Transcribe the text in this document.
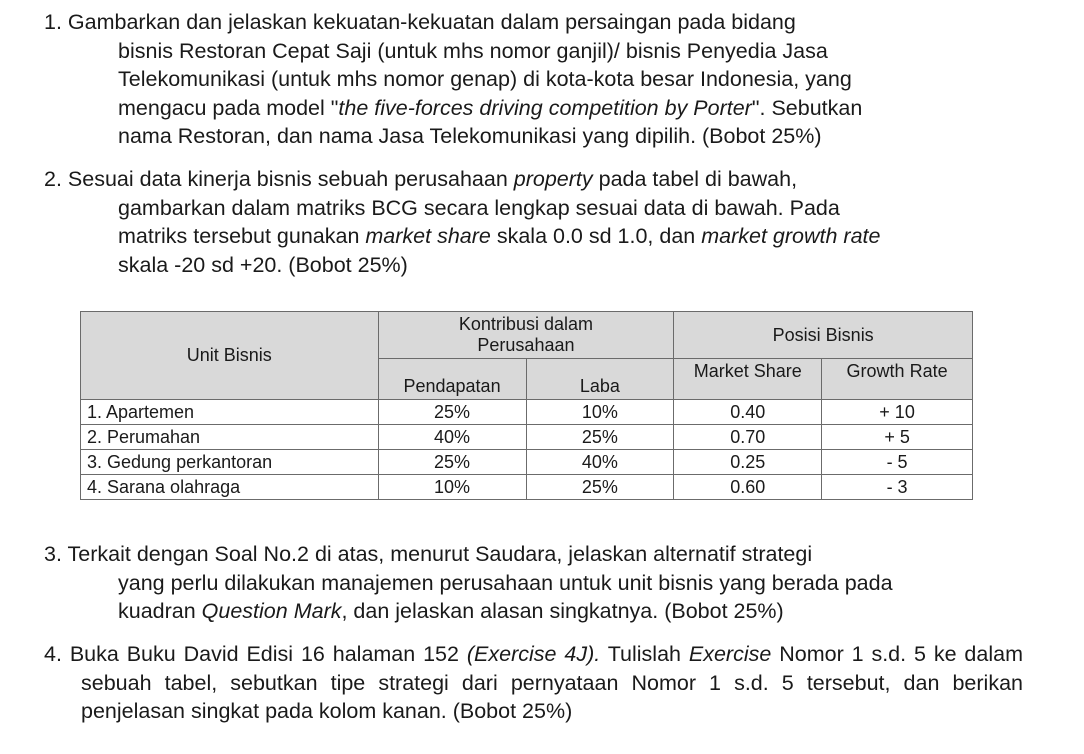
1. Gambarkan dan jelaskan kekuatan-kekuatan dalam persaingan pada bidang

bisnis Restoran Cepat Saji (untuk mhs nomor ganjil)/ bisnis Penyedia Jasa

Telekomunikasi (untuk mhs nomor genap) di kota-kota besar Indonesia, yang

mengacu pada model "the five-forces driving competition by Porter". Sebutkan

nama Restoran, dan nama Jasa Telekomunikasi yang dipilih. (Bobot 25%)

2. Sesuai data kinerja bisnis sebuah perusahaan property pada tabel di bawah,

gambarkan dalam matriks BCG secara lengkap sesuai data di bawah. Pada

matriks tersebut gunakan market share skala 0.0 sd 1.0, dan market growth rate

skala -20 sd +20. (Bobot 25%)

Unit Bisnis	Kontribusi dalam Perusahaan		Posisi Bisnis	
	Pendapatan	Laba	Market Share	Growth Rate
1. Apartemen	25%	10%	0.40	+ 10
2. Perumahan	40%	25%	0.70	+ 5
3. Gedung perkantoran	25%	40%	0.25	- 5
4. Sarana olahraga	10%	25%	0.60	- 3

3. Terkait dengan Soal No.2 di atas, menurut Saudara, jelaskan alternatif strategi

yang perlu dilakukan manajemen perusahaan untuk unit bisnis yang berada pada

kuadran Question Mark, dan jelaskan alasan singkatnya. (Bobot 25%)

4. Buka Buku David Edisi 16 halaman 152 (Exercise 4J). Tulislah Exercise Nomor 1 s.d. 5 ke dalam sebuah tabel, sebutkan tipe strategi dari pernyataan Nomor 1 s.d. 5 tersebut, dan berikan penjelasan singkat pada kolom kanan. (Bobot 25%)
